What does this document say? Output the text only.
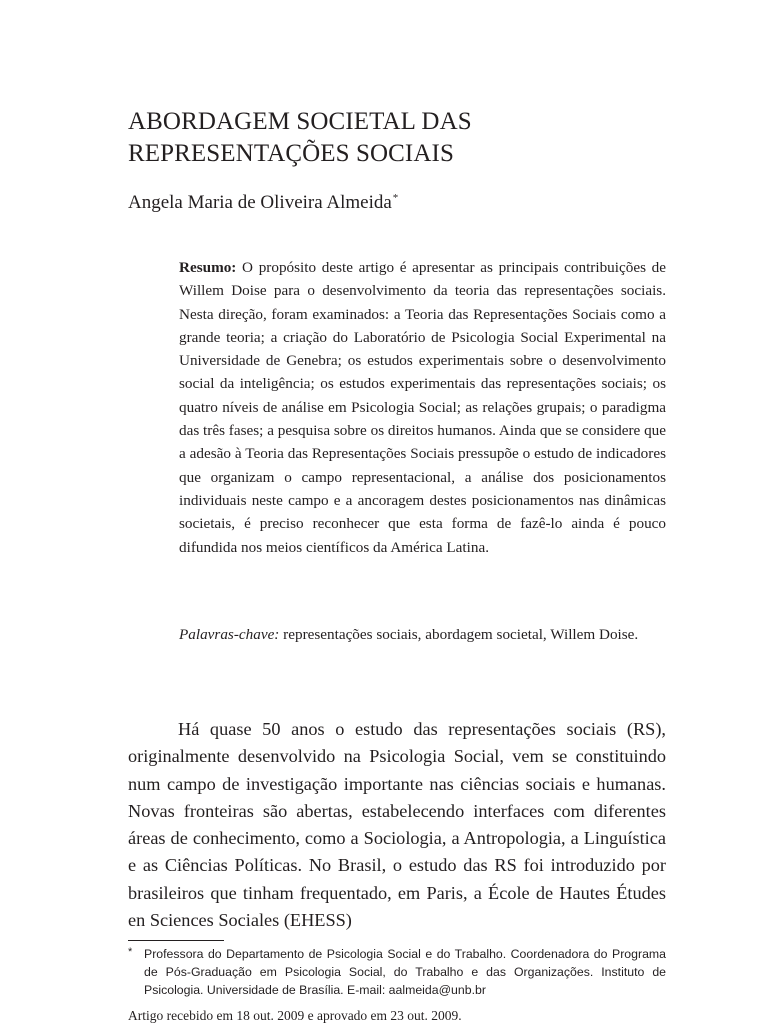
ABORDAGEM SOCIETAL DAS
REPRESENTAÇÕES SOCIAIS
Angela Maria de Oliveira Almeida*

Resumo: O propósito deste artigo é apresentar as principais contribuições de Willem Doise para o desenvolvimento da teoria das representações sociais. Nesta direção, foram examinados: a Teoria das Representações Sociais como a grande teoria; a criação do Laboratório de Psicologia Social Experimental na Universidade de Genebra; os estudos experimentais sobre o desenvolvimento social da inteligência; os estudos experimentais das representações sociais; os quatro níveis de análise em Psicologia Social; as relações grupais; o paradigma das três fases; a pesquisa sobre os direitos humanos. Ainda que se considere que a adesão à Teoria das Representações Sociais pressupõe o estudo de indicadores que organizam o campo representacional, a análise dos posicionamentos individuais neste campo e a ancoragem destes posicionamentos nas dinâmicas societais, é preciso reconhecer que esta forma de fazê-lo ainda é pouco difundida nos meios científicos da América Latina.

Palavras-chave: representações sociais, abordagem societal, Willem Doise.

Há quase 50 anos o estudo das representações sociais (RS), originalmente desenvolvido na Psicologia Social, vem se constituindo num campo de investigação importante nas ciências sociais e humanas. Novas fronteiras são abertas, estabelecendo interfaces com diferentes áreas de conhecimento, como a Sociologia, a Antropologia, a Linguística e as Ciências Políticas. No Brasil, o estudo das RS foi introduzido por brasileiros que tinham frequentado, em Paris, a École de Hautes Études en Sciences Sociales (EHESS)

* Professora do Departamento de Psicologia Social e do Trabalho. Coordenadora do Programa de Pós-Graduação em Psicologia Social, do Trabalho e das Organizações. Instituto de Psicologia. Universidade de Brasília. E-mail: aalmeida@unb.br

Artigo recebido em 18 out. 2009 e aprovado em 23 out. 2009.
